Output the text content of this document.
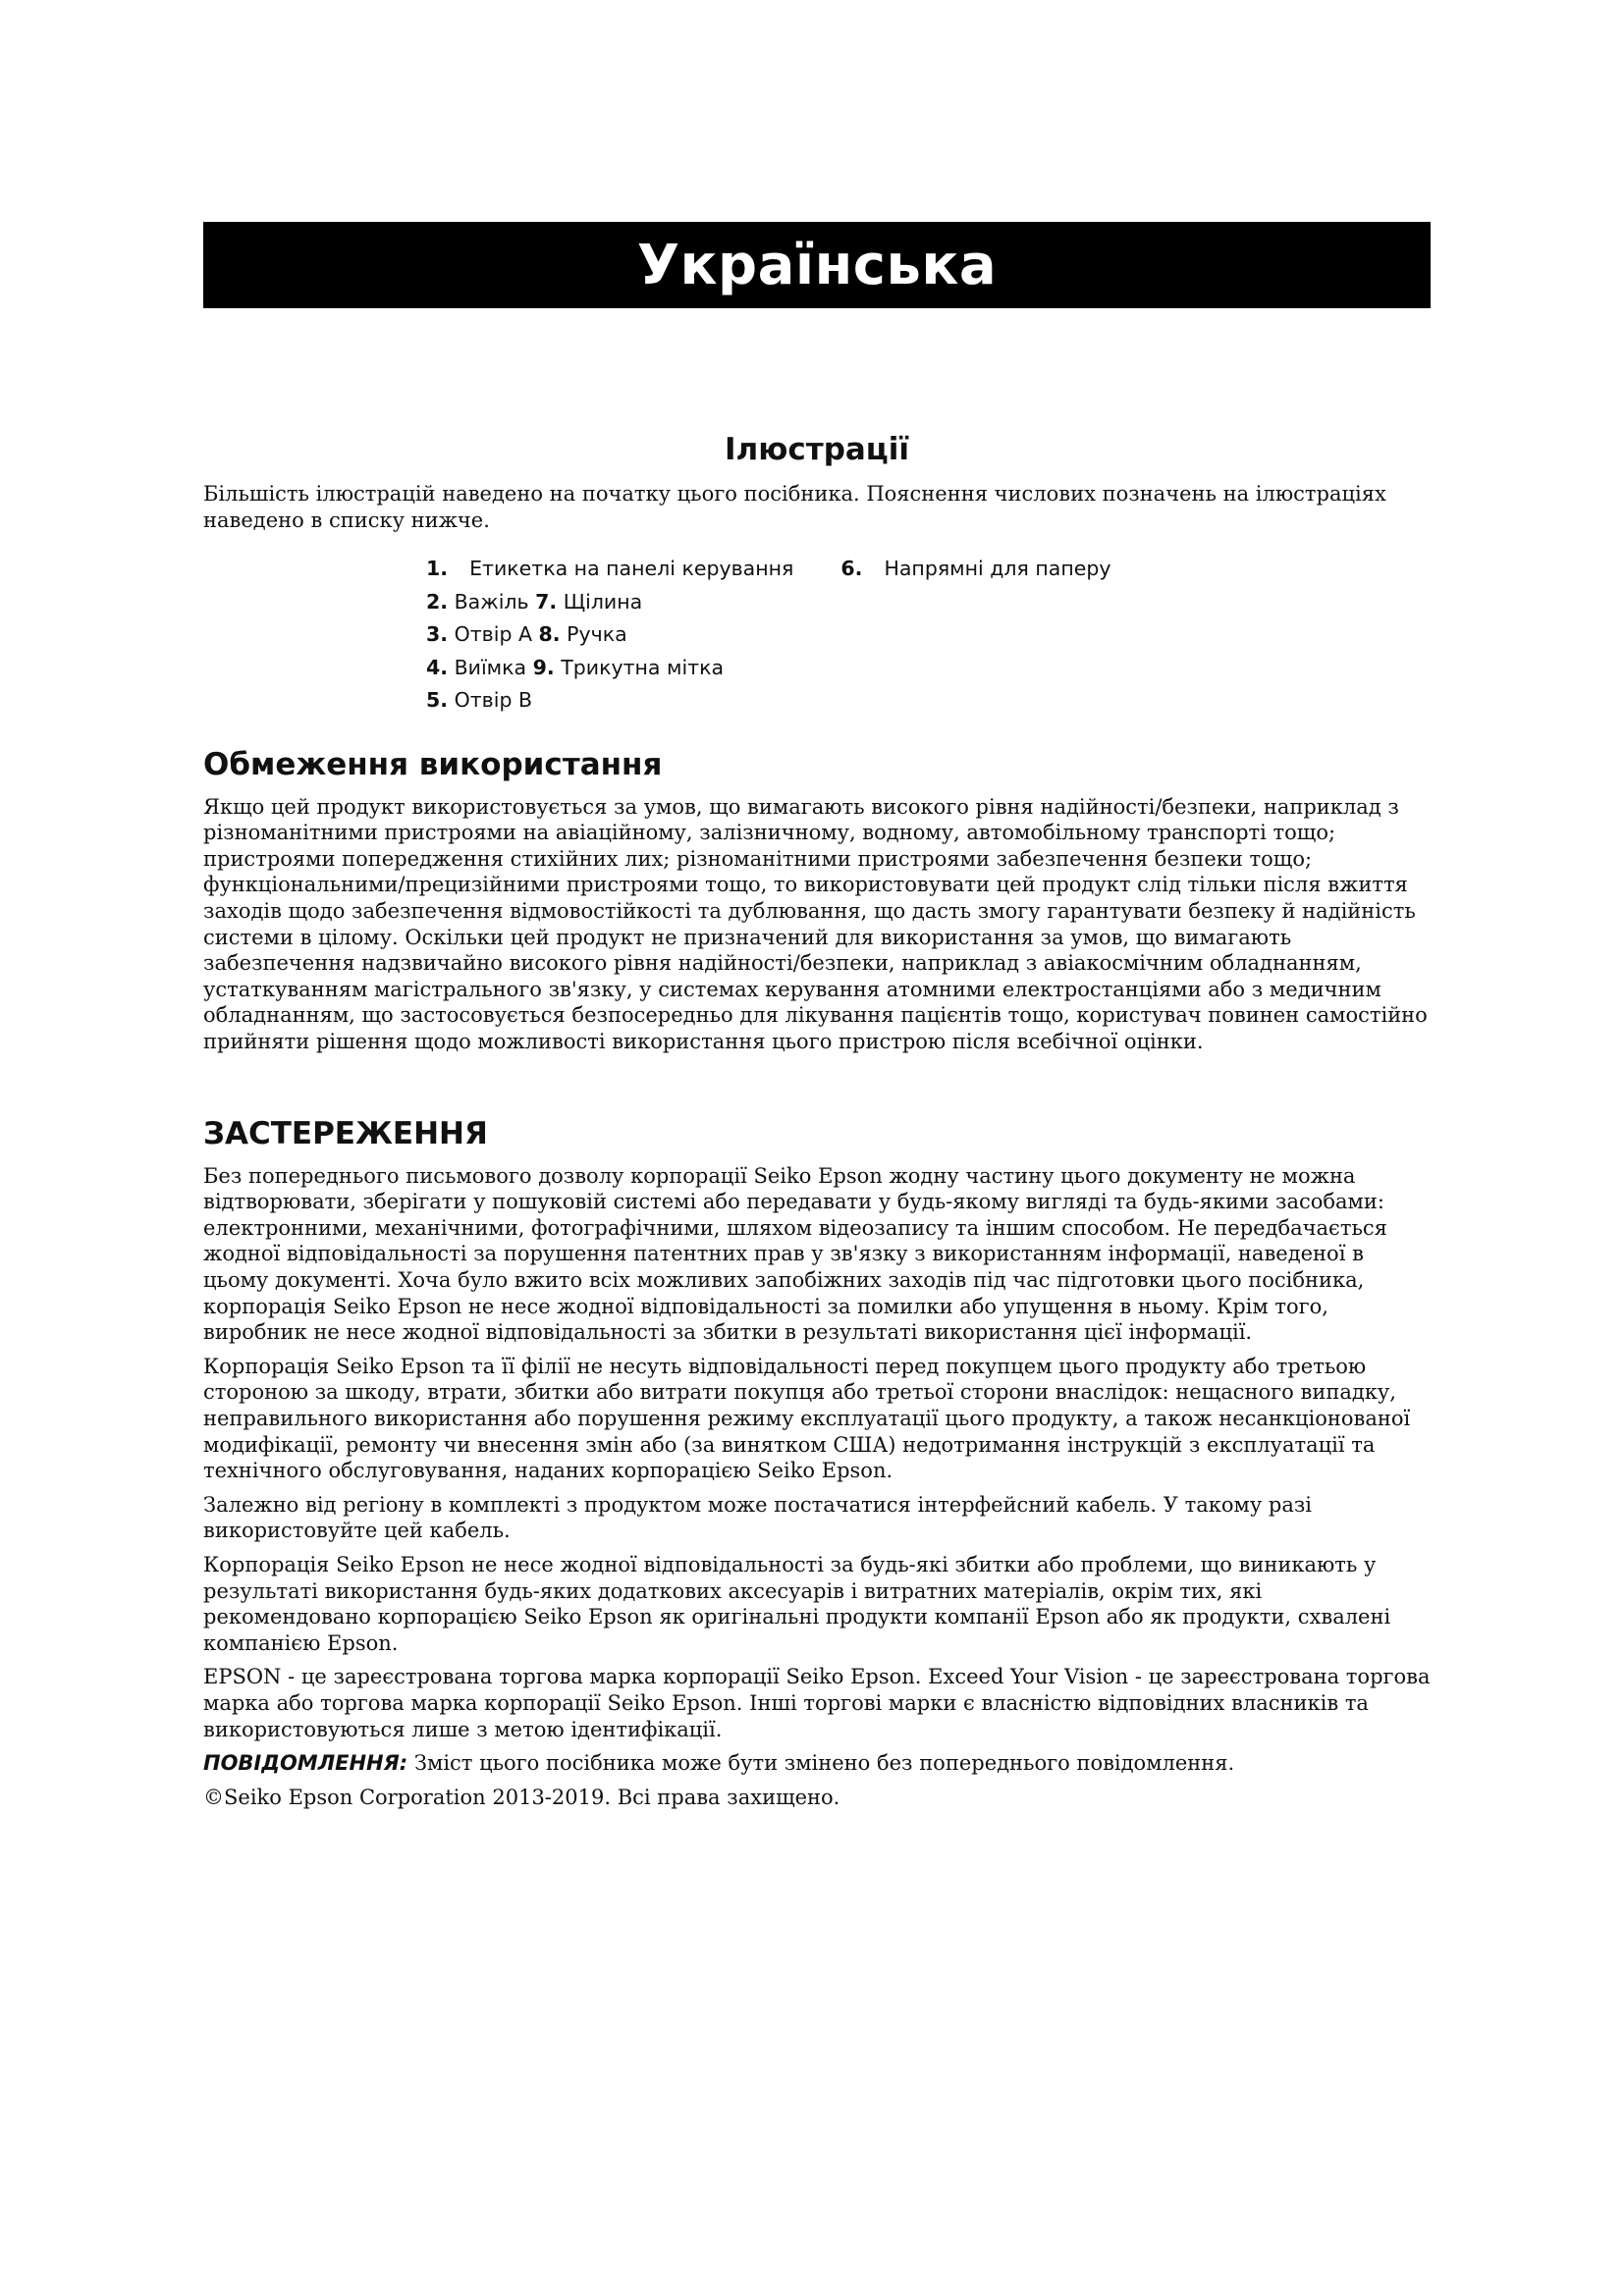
Українська
Ілюстрації

Більшість ілюстрацій наведено на початку цього посібника. Пояснення числових позначень на ілюстраціях наведено в списку нижче.

1. Етикетка на панелі керування 6. Напрямні для паперу
2. Важіль 7. Щілина
3. Отвір A 8. Ручка
4. Виїмка 9. Трикутна мітка
5. Отвір B
Обмеження використання

Якщо цей продукт використовується за умов, що вимагають високого рівня надійності/безпеки, наприклад з різноманітними пристроями на авіаційному, залізничному, водному, автомобільному транспорті тощо; пристроями попередження стихійних лих; різноманітними пристроями забезпечення безпеки тощо; функціональними/прецизійними пристроями тощо, то використовувати цей продукт слід тільки після вжиття заходів щодо забезпечення відмовостійкості та дублювання, що дасть змогу гарантувати безпеку й надійність системи в цілому. Оскільки цей продукт не призначений для використання за умов, що вимагають забезпечення надзвичайно високого рівня надійності/безпеки, наприклад з авіакосмічним обладнанням, устаткуванням магістрального зв'язку, у системах керування атомними електростанціями або з медичним обладнанням, що застосовується безпосередньо для лікування пацієнтів тощо, користувач повинен самостійно прийняти рішення щодо можливості використання цього пристрою після всебічної оцінки.

ЗАСТЕРЕЖЕННЯ

Без попереднього письмового дозволу корпорації Seiko Epson жодну частину цього документу не можна відтворювати, зберігати у пошуковій системі або передавати у будь-якому вигляді та будь-якими засобами: електронними, механічними, фотографічними, шляхом відеозапису та іншим способом. Не передбачається жодної відповідальності за порушення патентних прав у зв'язку з використанням інформації, наведеної в цьому документі. Хоча було вжито всіх можливих запобіжних заходів під час підготовки цього посібника, корпорація Seiko Epson не несе жодної відповідальності за помилки або упущення в ньому. Крім того, виробник не несе жодної відповідальності за збитки в результаті використання цієї інформації.

Корпорація Seiko Epson та її філії не несуть відповідальності перед покупцем цього продукту або третьою стороною за шкоду, втрати, збитки або витрати покупця або третьої сторони внаслідок: нещасного випадку, неправильного використання або порушення режиму експлуатації цього продукту, а також несанкціонованої модифікації, ремонту чи внесення змін або (за винятком США) недотримання інструкцій з експлуатації та технічного обслуговування, наданих корпорацією Seiko Epson.

Залежно від регіону в комплекті з продуктом може постачатися інтерфейсний кабель. У такому разі використовуйте цей кабель.

Корпорація Seiko Epson не несе жодної відповідальності за будь-які збитки або проблеми, що виникають у результаті використання будь-яких додаткових аксесуарів і витратних матеріалів, окрім тих, які рекомендовано корпорацією Seiko Epson як оригінальні продукти компанії Epson або як продукти, схвалені компанією Epson.

EPSON - це зареєстрована торгова марка корпорації Seiko Epson. Exceed Your Vision - це зареєстрована торгова марка або торгова марка корпорації Seiko Epson. Інші торгові марки є власністю відповідних власників та використовуються лише з метою ідентифікації.

ПОВІДОМЛЕННЯ: Зміст цього посібника може бути змінено без попереднього повідомлення.

©Seiko Epson Corporation 2013-2019. Всі права захищено.
